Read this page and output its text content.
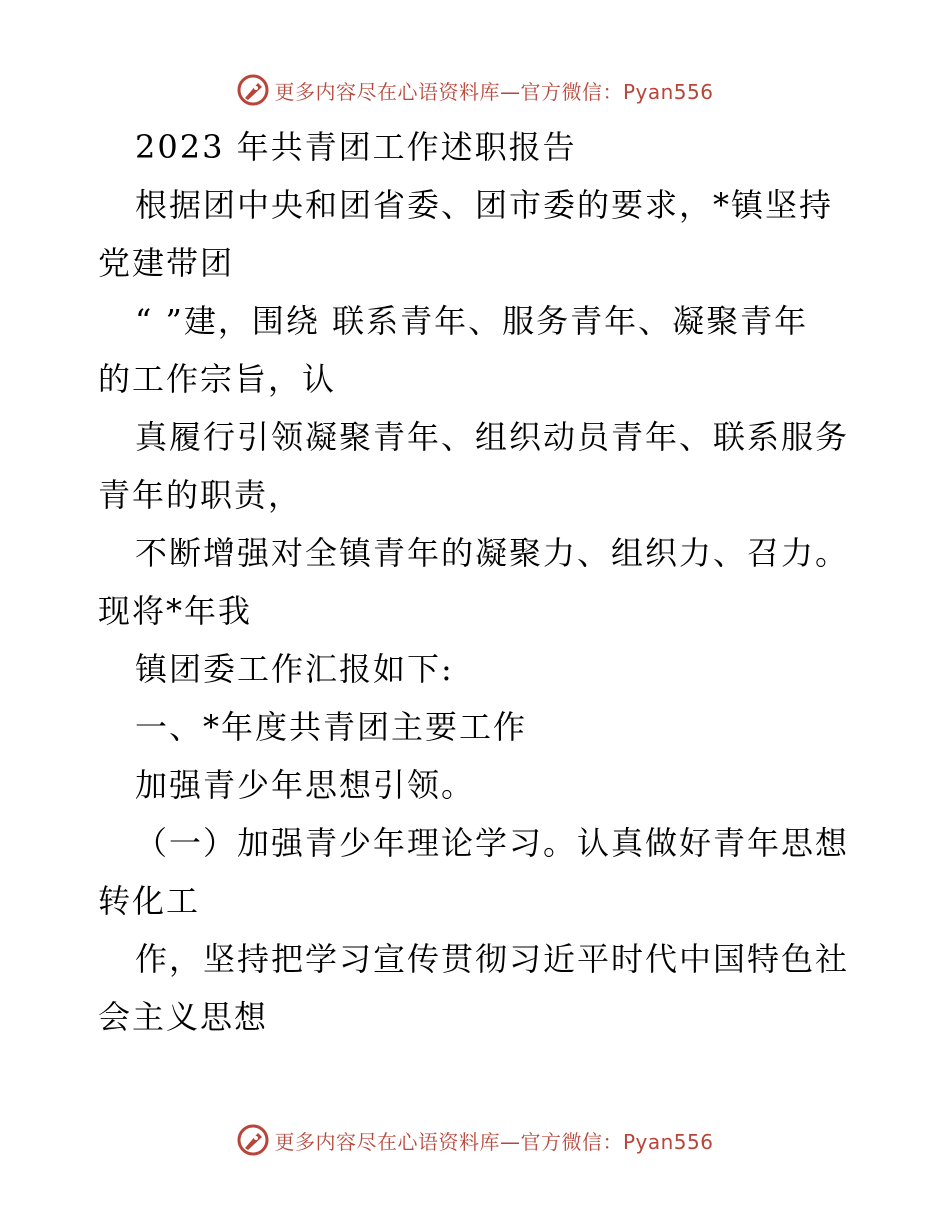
更多内容尽在心语资料库—官方微信：Pyan556
2023 年共青团工作述职报告
根据团中央和团省委、团市委的要求，*镇坚持
党建带团
“ ”建，围绕 联系青年、服务青年、凝聚青年
的工作宗旨，认
真履行引领凝聚青年、组织动员青年、联系服务
青年的职责，
不断增强对全镇青年的凝聚力、组织力、召力。
现将*年我
镇团委工作汇报如下:
一、*年度共青团主要工作
加强青少年思想引领。
（一）加强青少年理论学习。认真做好青年思想
转化工
作，坚持把学习宣传贯彻习近平时代中国特色社
会主义思想
更多内容尽在心语资料库—官方微信：Pyan556
